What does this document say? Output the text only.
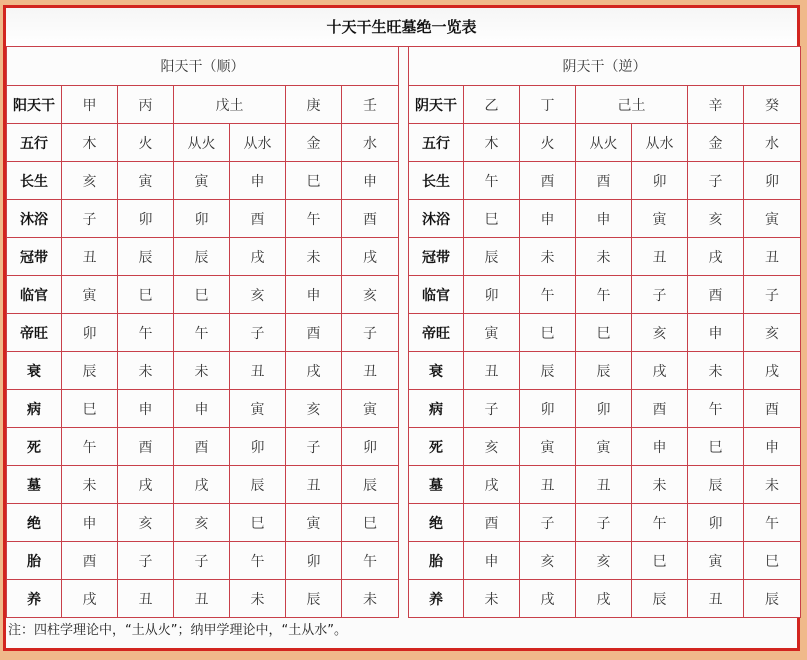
十天干生旺墓绝一览表
阳天干（顺）						
阳天干	甲	丙	戊土		庚	壬
五行	木	火	从火	从水	金	水
长生	亥	寅	寅	申	巳	申
沐浴	子	卯	卯	酉	午	酉
冠带	丑	辰	辰	戌	未	戌
临官	寅	巳	巳	亥	申	亥
帝旺	卯	午	午	子	酉	子
衰	辰	未	未	丑	戌	丑
病	巳	申	申	寅	亥	寅
死	午	酉	酉	卯	子	卯
墓	未	戌	戌	辰	丑	辰
绝	申	亥	亥	巳	寅	巳
胎	酉	子	子	午	卯	午
养	戌	丑	丑	未	辰	未
阴天干（逆）						
阴天干	乙	丁	己土		辛	癸
五行	木	火	从火	从水	金	水
长生	午	酉	酉	卯	子	卯
沐浴	巳	申	申	寅	亥	寅
冠带	辰	未	未	丑	戌	丑
临官	卯	午	午	子	酉	子
帝旺	寅	巳	巳	亥	申	亥
衰	丑	辰	辰	戌	未	戌
病	子	卯	卯	酉	午	酉
死	亥	寅	寅	申	巳	申
墓	戌	丑	丑	未	辰	未
绝	酉	子	子	午	卯	午
胎	申	亥	亥	巳	寅	巳
养	未	戌	戌	辰	丑	辰
注：四柱学理论中，“土从火”；纳甲学理论中，“土从水”。
